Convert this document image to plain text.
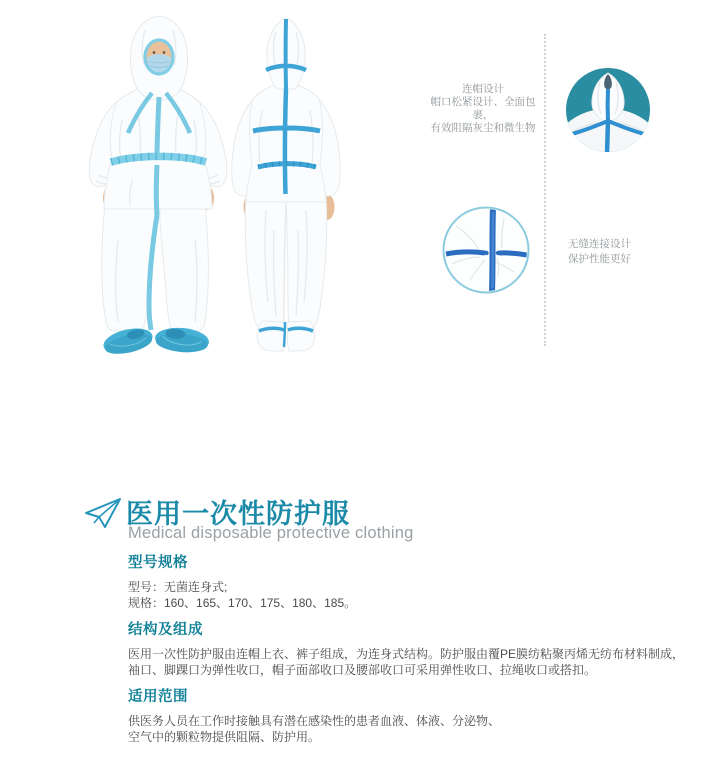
连帽设计
帽口松紧设计、全面包裹，
有效阻隔灰尘和微生物
无缝连接设计
保护性能更好
医用一次性防护服
Medical disposable protective clothing
型号规格
型号：无菌连身式;
规格：160、165、170、175、180、185。
结构及组成
医用一次性防护服由连帽上衣、裤子组成，为连身式结构。防护服由覆PE膜纺粘聚丙烯无纺布材料制成，
袖口、脚踝口为弹性收口，帽子面部收口及腰部收口可采用弹性收口、拉绳收口或搭扣。
适用范围
供医务人员在工作时接触具有潜在感染性的患者血液、体液、分泌物、
空气中的颗粒物提供阻隔、防护用。
